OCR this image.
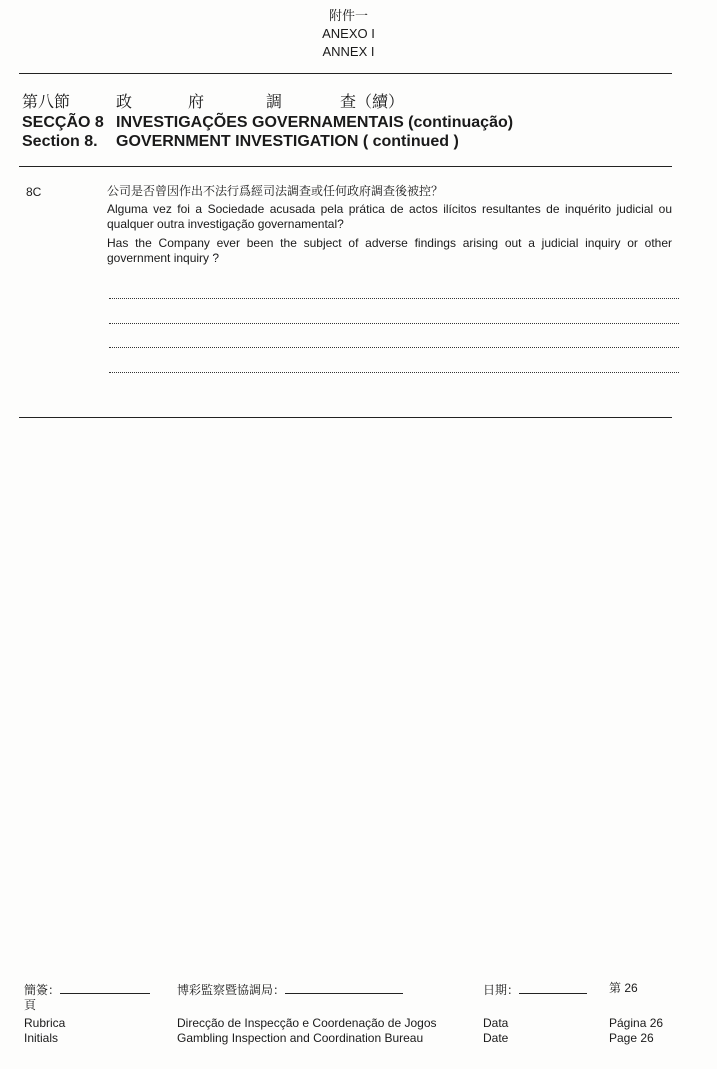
附件一
ANEXO I
ANNEX I
第八節	政	府	調	查（續）
SECÇÃO 8 INVESTIGAÇÕES GOVERNAMENTAIS (continuação)
Section 8. GOVERNMENT INVESTIGATION ( continued )
8C	公司是否曾因作出不法行爲經司法調查或任何政府調查後被控？
Alguma vez foi a Sociedade acusada pela prática de actos ilícitos resultantes de inquérito judicial ou qualquer outra investigação governamental?
Has the Company ever been the subject of adverse findings arising out a judicial inquiry or other government inquiry ?
簡簽：
頁
Rubrica
Initials
博彩監察暨協調局：
Direcção de Inspecção e Coordenação de Jogos
Gambling Inspection and Coordination Bureau
日期：
Data
Date
第 26
Página 26
Page 26
